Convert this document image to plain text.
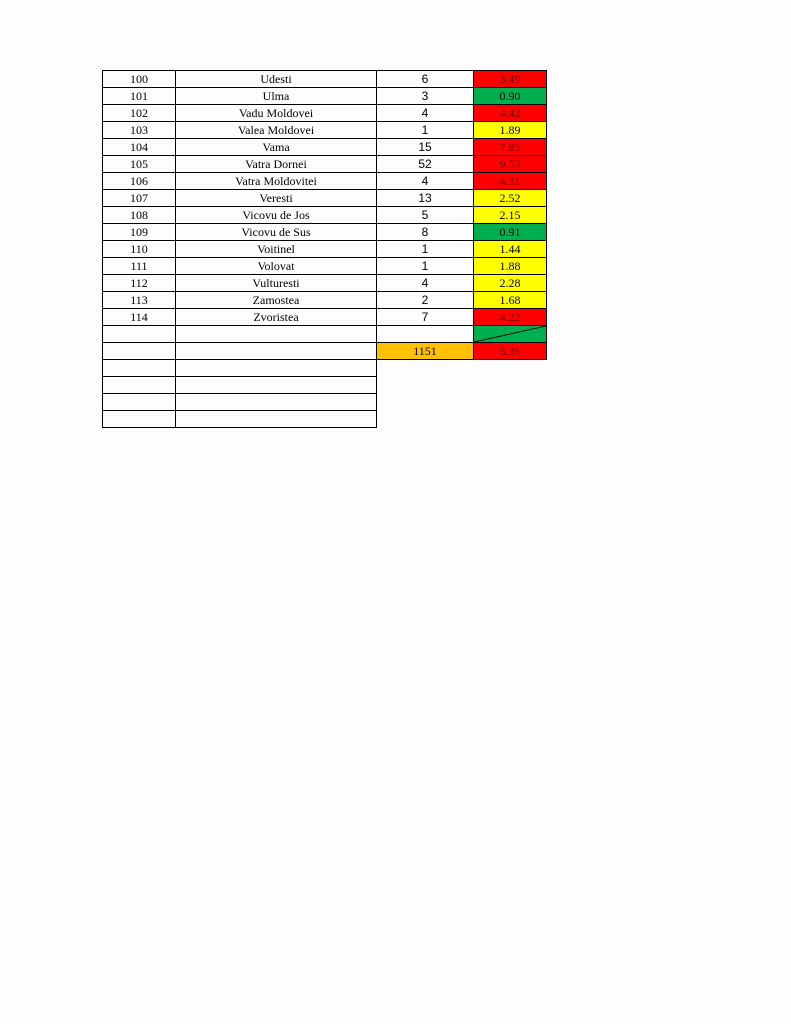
100	Udesti	6	3.49
101	Ulma	3	0.90
102	Vadu Moldovei	4	4.42
103	Valea Moldovei	1	1.89
104	Vama	15	7.85
105	Vatra Dornei	52	9.53
106	Vatra Moldovitei	4	4.31
107	Veresti	13	2.52
108	Vicovu de Jos	5	2.15
109	Vicovu de Sus	8	0.91
110	Voitinel	1	1.44
111	Volovat	1	1.88
112	Vulturesti	4	2.28
113	Zamostea	2	1.68
114	Zvoristea	7	4.22

		1151	5.36
